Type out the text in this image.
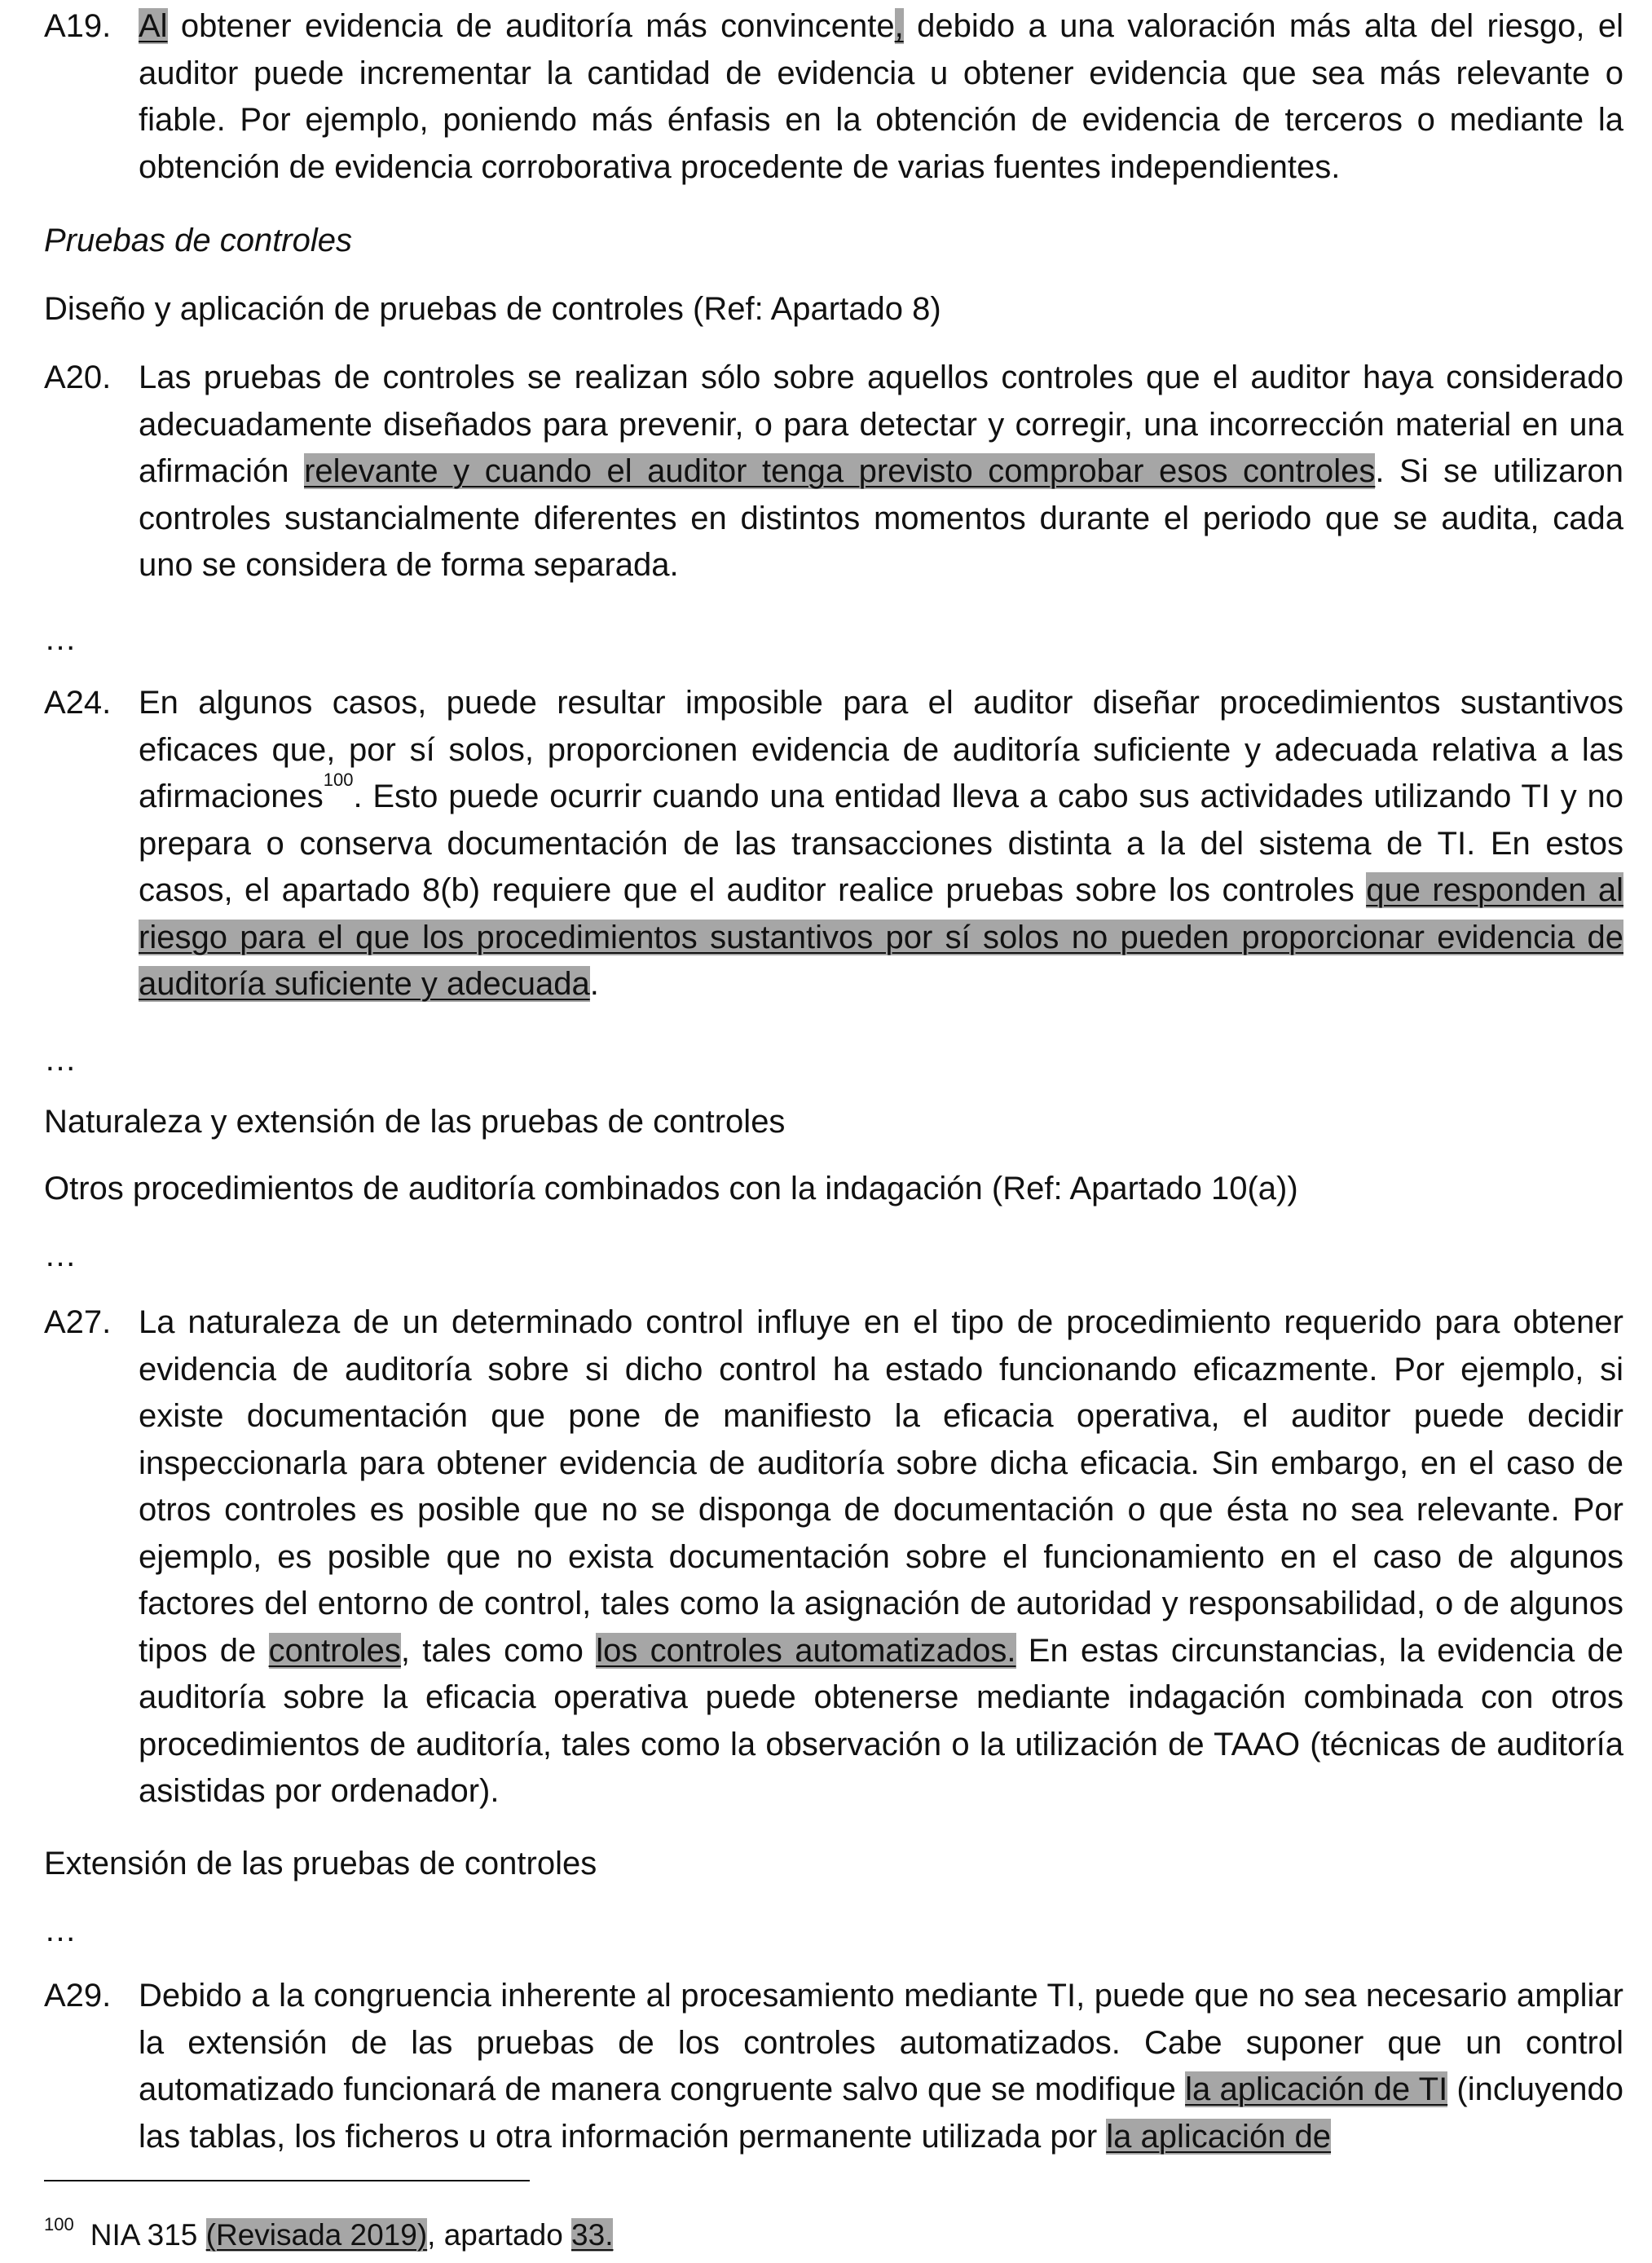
A19. Al obtener evidencia de auditoría más convincente, debido a una valoración más alta del riesgo, el auditor puede incrementar la cantidad de evidencia u obtener evidencia que sea más relevante o fiable. Por ejemplo, poniendo más énfasis en la obtención de evidencia de terceros o mediante la obtención de evidencia corroborativa procedente de varias fuentes independientes.
Pruebas de controles
Diseño y aplicación de pruebas de controles (Ref: Apartado 8)
A20. Las pruebas de controles se realizan sólo sobre aquellos controles que el auditor haya considerado adecuadamente diseñados para prevenir, o para detectar y corregir, una incorrección material en una afirmación relevante y cuando el auditor tenga previsto comprobar esos controles. Si se utilizaron controles sustancialmente diferentes en distintos momentos durante el periodo que se audita, cada uno se considera de forma separada.
…
A24. En algunos casos, puede resultar imposible para el auditor diseñar procedimientos sustantivos eficaces que, por sí solos, proporcionen evidencia de auditoría suficiente y adecuada relativa a las afirmaciones$^{100}$. Esto puede ocurrir cuando una entidad lleva a cabo sus actividades utilizando TI y no prepara o conserva documentación de las transacciones distinta a la del sistema de TI. En estos casos, el apartado 8(b) requiere que el auditor realice pruebas sobre los controles que responden al riesgo para el que los procedimientos sustantivos por sí solos no pueden proporcionar evidencia de auditoría suficiente y adecuada.
…
Naturaleza y extensión de las pruebas de controles
Otros procedimientos de auditoría combinados con la indagación (Ref: Apartado 10(a))
…
A27. La naturaleza de un determinado control influye en el tipo de procedimiento requerido para obtener evidencia de auditoría sobre si dicho control ha estado funcionando eficazmente. Por ejemplo, si existe documentación que pone de manifiesto la eficacia operativa, el auditor puede decidir inspeccionarla para obtener evidencia de auditoría sobre dicha eficacia. Sin embargo, en el caso de otros controles es posible que no se disponga de documentación o que ésta no sea relevante. Por ejemplo, es posible que no exista documentación sobre el funcionamiento en el caso de algunos factores del entorno de control, tales como la asignación de autoridad y responsabilidad, o de algunos tipos de controles, tales como los controles automatizados. En estas circunstancias, la evidencia de auditoría sobre la eficacia operativa puede obtenerse mediante indagación combinada con otros procedimientos de auditoría, tales como la observación o la utilización de TAAO (técnicas de auditoría asistidas por ordenador).
Extensión de las pruebas de controles
…
A29. Debido a la congruencia inherente al procesamiento mediante TI, puede que no sea necesario ampliar la extensión de las pruebas de los controles automatizados. Cabe suponer que un control automatizado funcionará de manera congruente salvo que se modifique la aplicación de TI (incluyendo las tablas, los ficheros u otra información permanente utilizada por la aplicación de
$^{100}$ NIA 315 (Revisada 2019), apartado 33.
